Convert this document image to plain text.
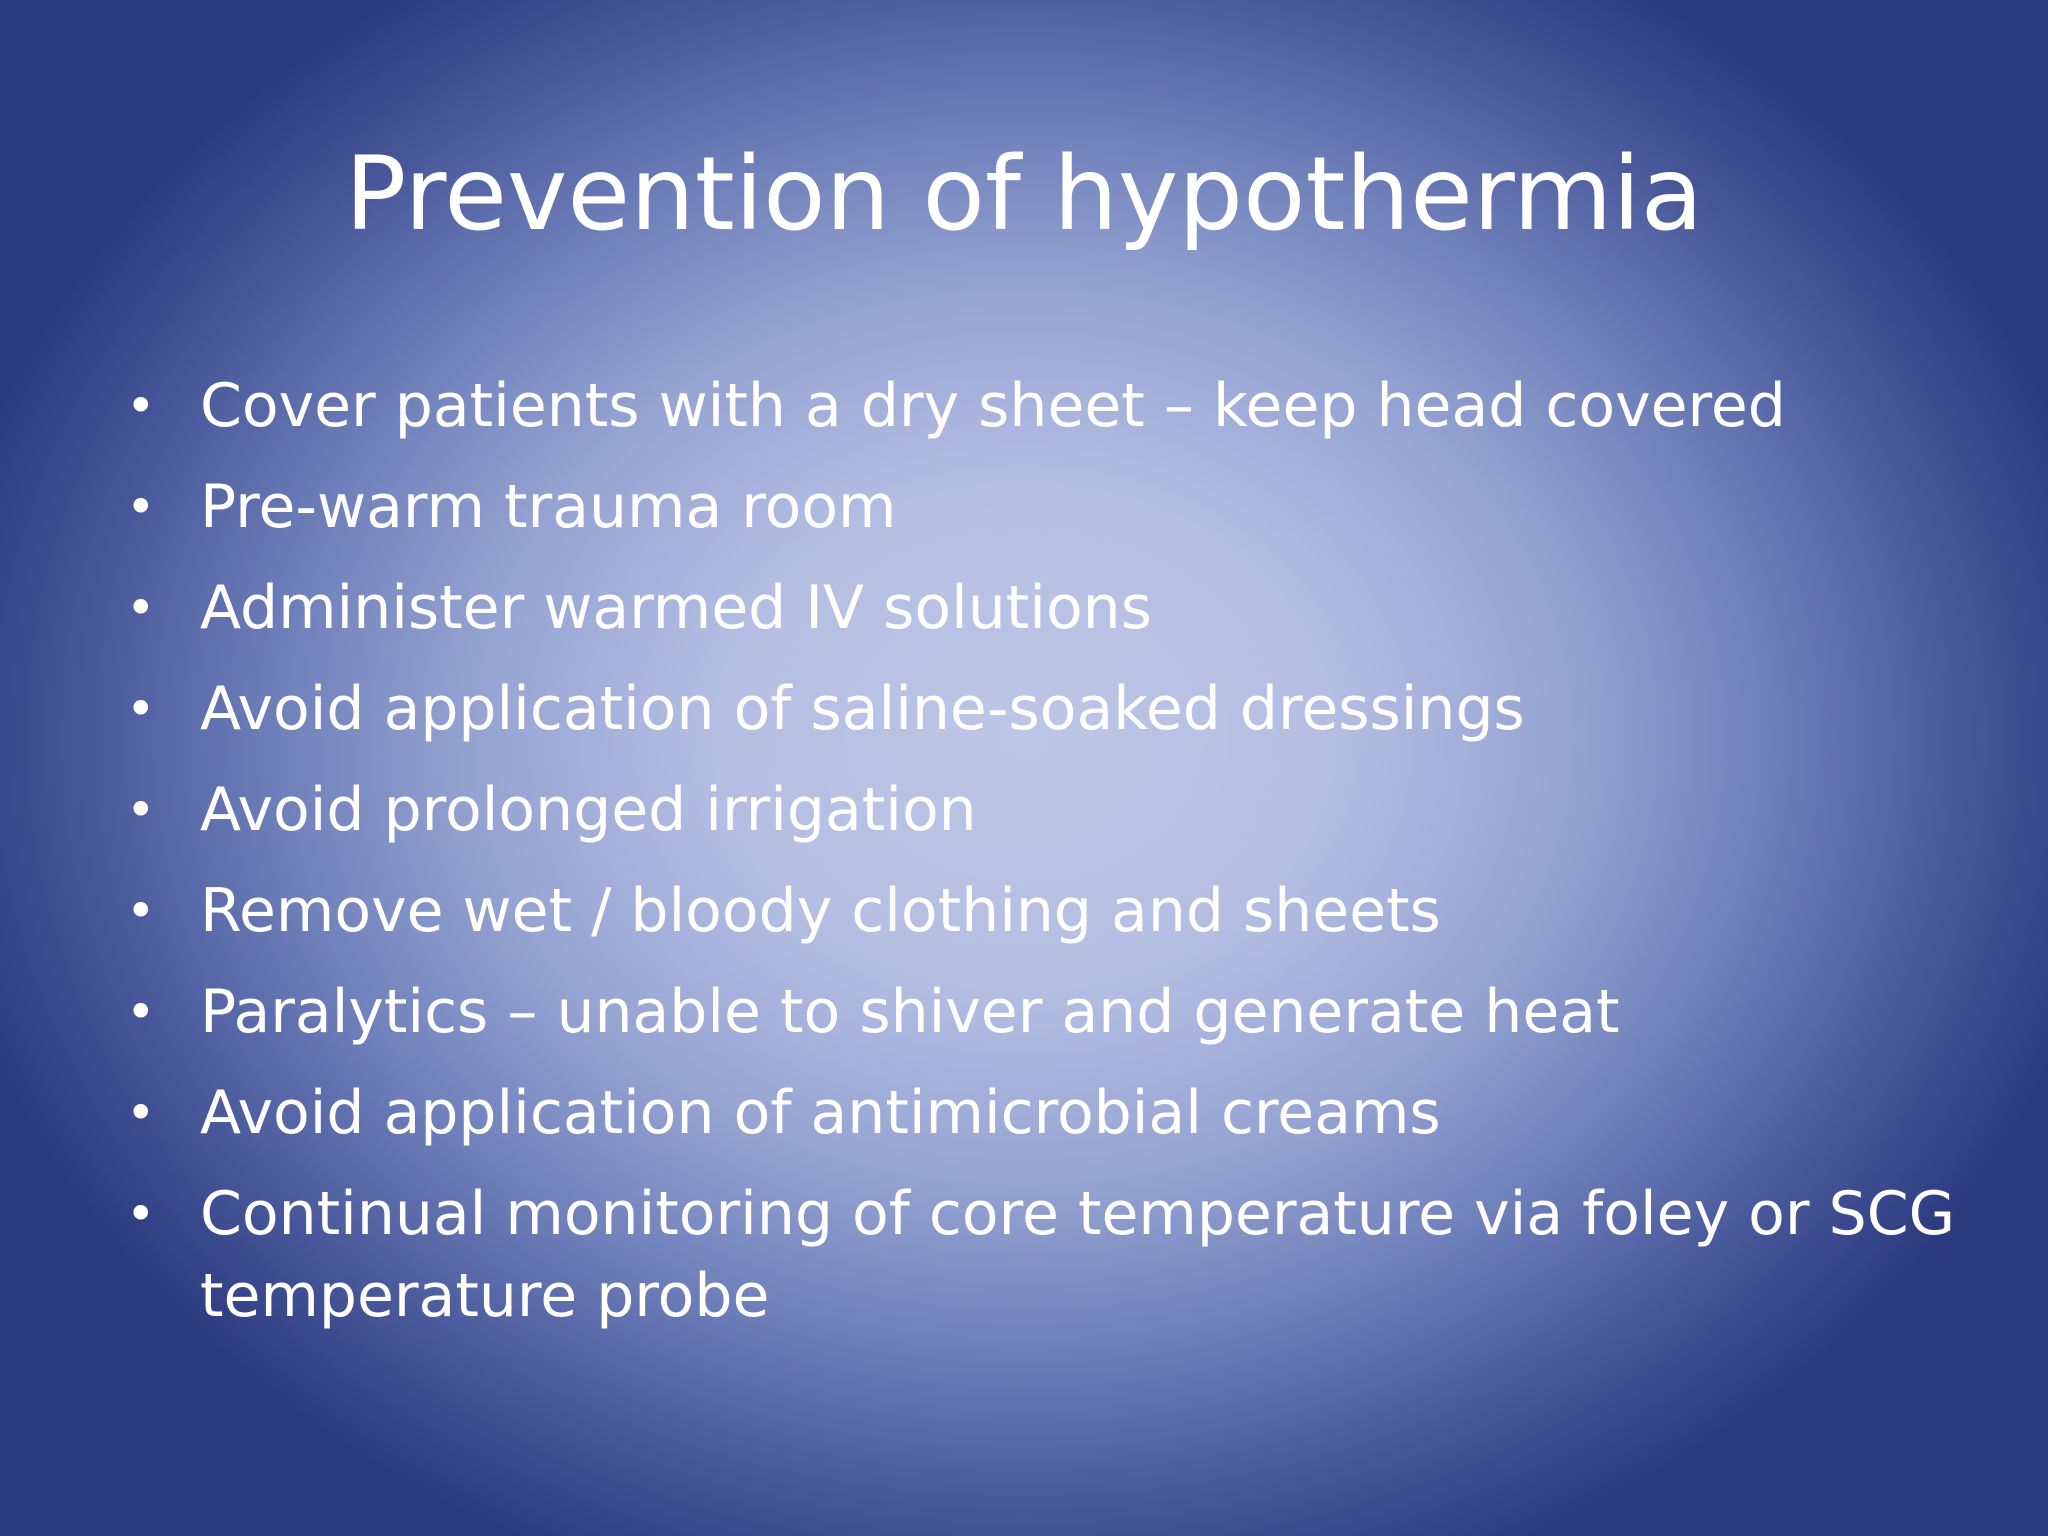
Prevention of hypothermia
• Cover patients with a dry sheet – keep head covered
• Pre-warm trauma room
• Administer warmed IV solutions
• Avoid application of saline-soaked dressings
• Avoid prolonged irrigation
• Remove wet / bloody clothing and sheets
• Paralytics – unable to shiver and generate heat
• Avoid application of antimicrobial creams
• Continual monitoring of core temperature via foley or SCG temperature probe
